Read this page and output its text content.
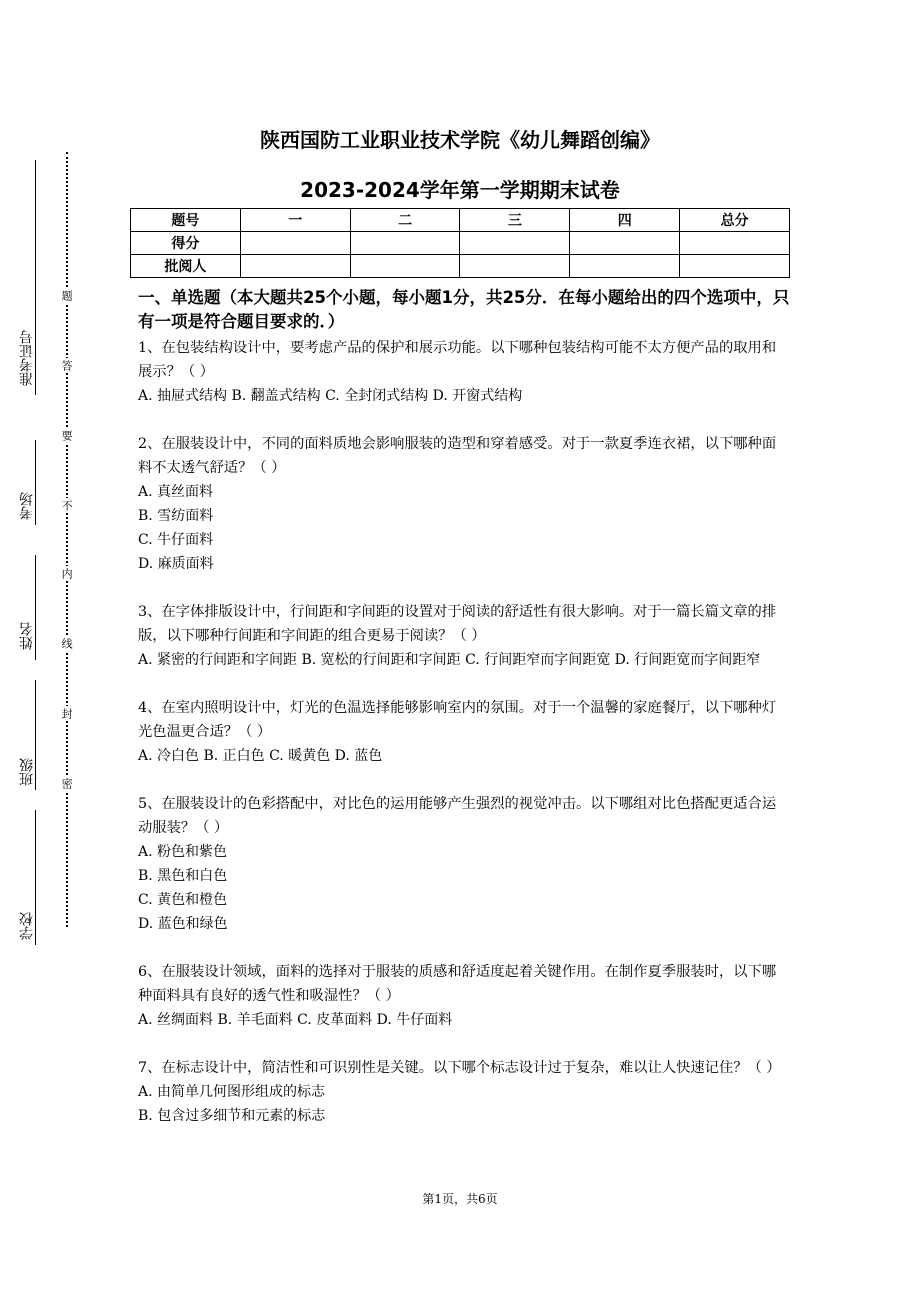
准考证号
考场
姓名
班级
学校
题
答
要
不
内
线
封
密
陕西国防工业职业技术学院《幼儿舞蹈创编》
2023-2024学年第一学期期末试卷
题号	一	二	三	四	总分
得分					
批阅人					
一、单选题（本大题共25个小题，每小题1分，共25分．在每小题给出的四个选项中，只有一项是符合题目要求的．）
1、在包装结构设计中，要考虑产品的保护和展示功能。以下哪种包装结构可能不太方便产品的取用和展示？（ ）
A. 抽屉式结构 B. 翻盖式结构 C. 全封闭式结构 D. 开窗式结构
2、在服装设计中，不同的面料质地会影响服装的造型和穿着感受。对于一款夏季连衣裙，以下哪种面料不太透气舒适？（ ）
A. 真丝面料
B. 雪纺面料
C. 牛仔面料
D. 麻质面料
3、在字体排版设计中，行间距和字间距的设置对于阅读的舒适性有很大影响。对于一篇长篇文章的排版，以下哪种行间距和字间距的组合更易于阅读？（ ）
A. 紧密的行间距和字间距 B. 宽松的行间距和字间距 C. 行间距窄而字间距宽 D. 行间距宽而字间距窄
4、在室内照明设计中，灯光的色温选择能够影响室内的氛围。对于一个温馨的家庭餐厅，以下哪种灯光色温更合适？（ ）
A. 冷白色 B. 正白色 C. 暖黄色 D. 蓝色
5、在服装设计的色彩搭配中，对比色的运用能够产生强烈的视觉冲击。以下哪组对比色搭配更适合运动服装？（ ）
A. 粉色和紫色
B. 黑色和白色
C. 黄色和橙色
D. 蓝色和绿色
6、在服装设计领域，面料的选择对于服装的质感和舒适度起着关键作用。在制作夏季服装时，以下哪种面料具有良好的透气性和吸湿性？（ ）
A. 丝绸面料 B. 羊毛面料 C. 皮革面料 D. 牛仔面料
7、在标志设计中，简洁性和可识别性是关键。以下哪个标志设计过于复杂，难以让人快速记住？（ ）
A. 由简单几何图形组成的标志
B. 包含过多细节和元素的标志
第1页，共6页
